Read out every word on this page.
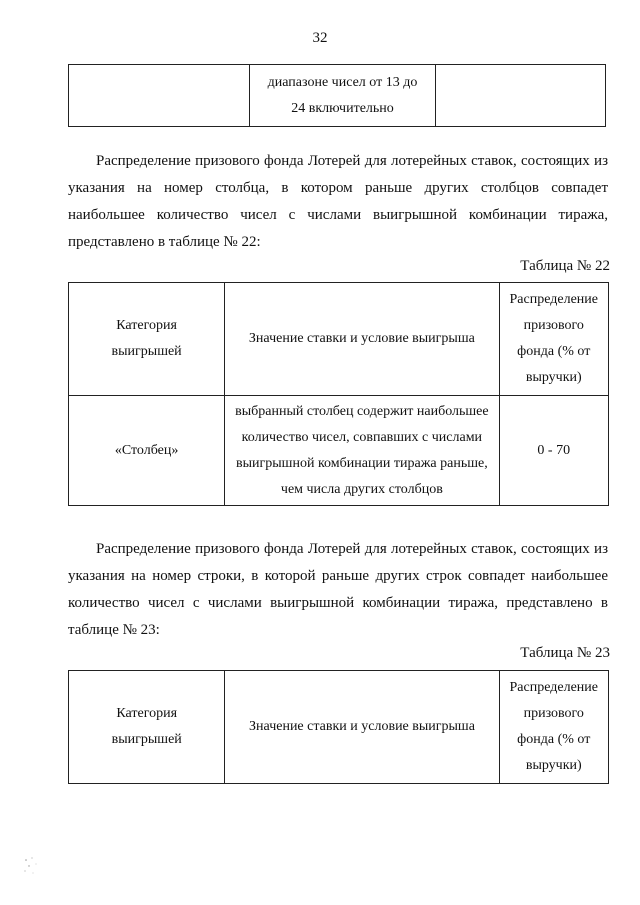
32
	диапазоне чисел от 13 до 24 включительно	

Распределение призового фонда Лотерей для лотерейных ставок, состоящих из указания на номер столбца, в котором раньше других столбцов совпадет наибольшее количество чисел с числами выигрышной комбинации тиража, представлено в таблице № 22:

Таблица № 22
Категория выигрышей	Значение ставки и условие выигрыша	Распределение призового фонда (% от выручки)
«Столбец»	выбранный столбец содержит наибольшее количество чисел, совпавших с числами выигрышной комбинации тиража раньше, чем числа других столбцов	0 - 70

Распределение призового фонда Лотерей для лотерейных ставок, состоящих из указания на номер строки, в которой раньше других строк совпадет наибольшее количество чисел с числами выигрышной комбинации тиража, представлено в таблице № 23:

Таблица № 23
Категория выигрышей	Значение ставки и условие выигрыша	Распределение призового фонда (% от выручки)
